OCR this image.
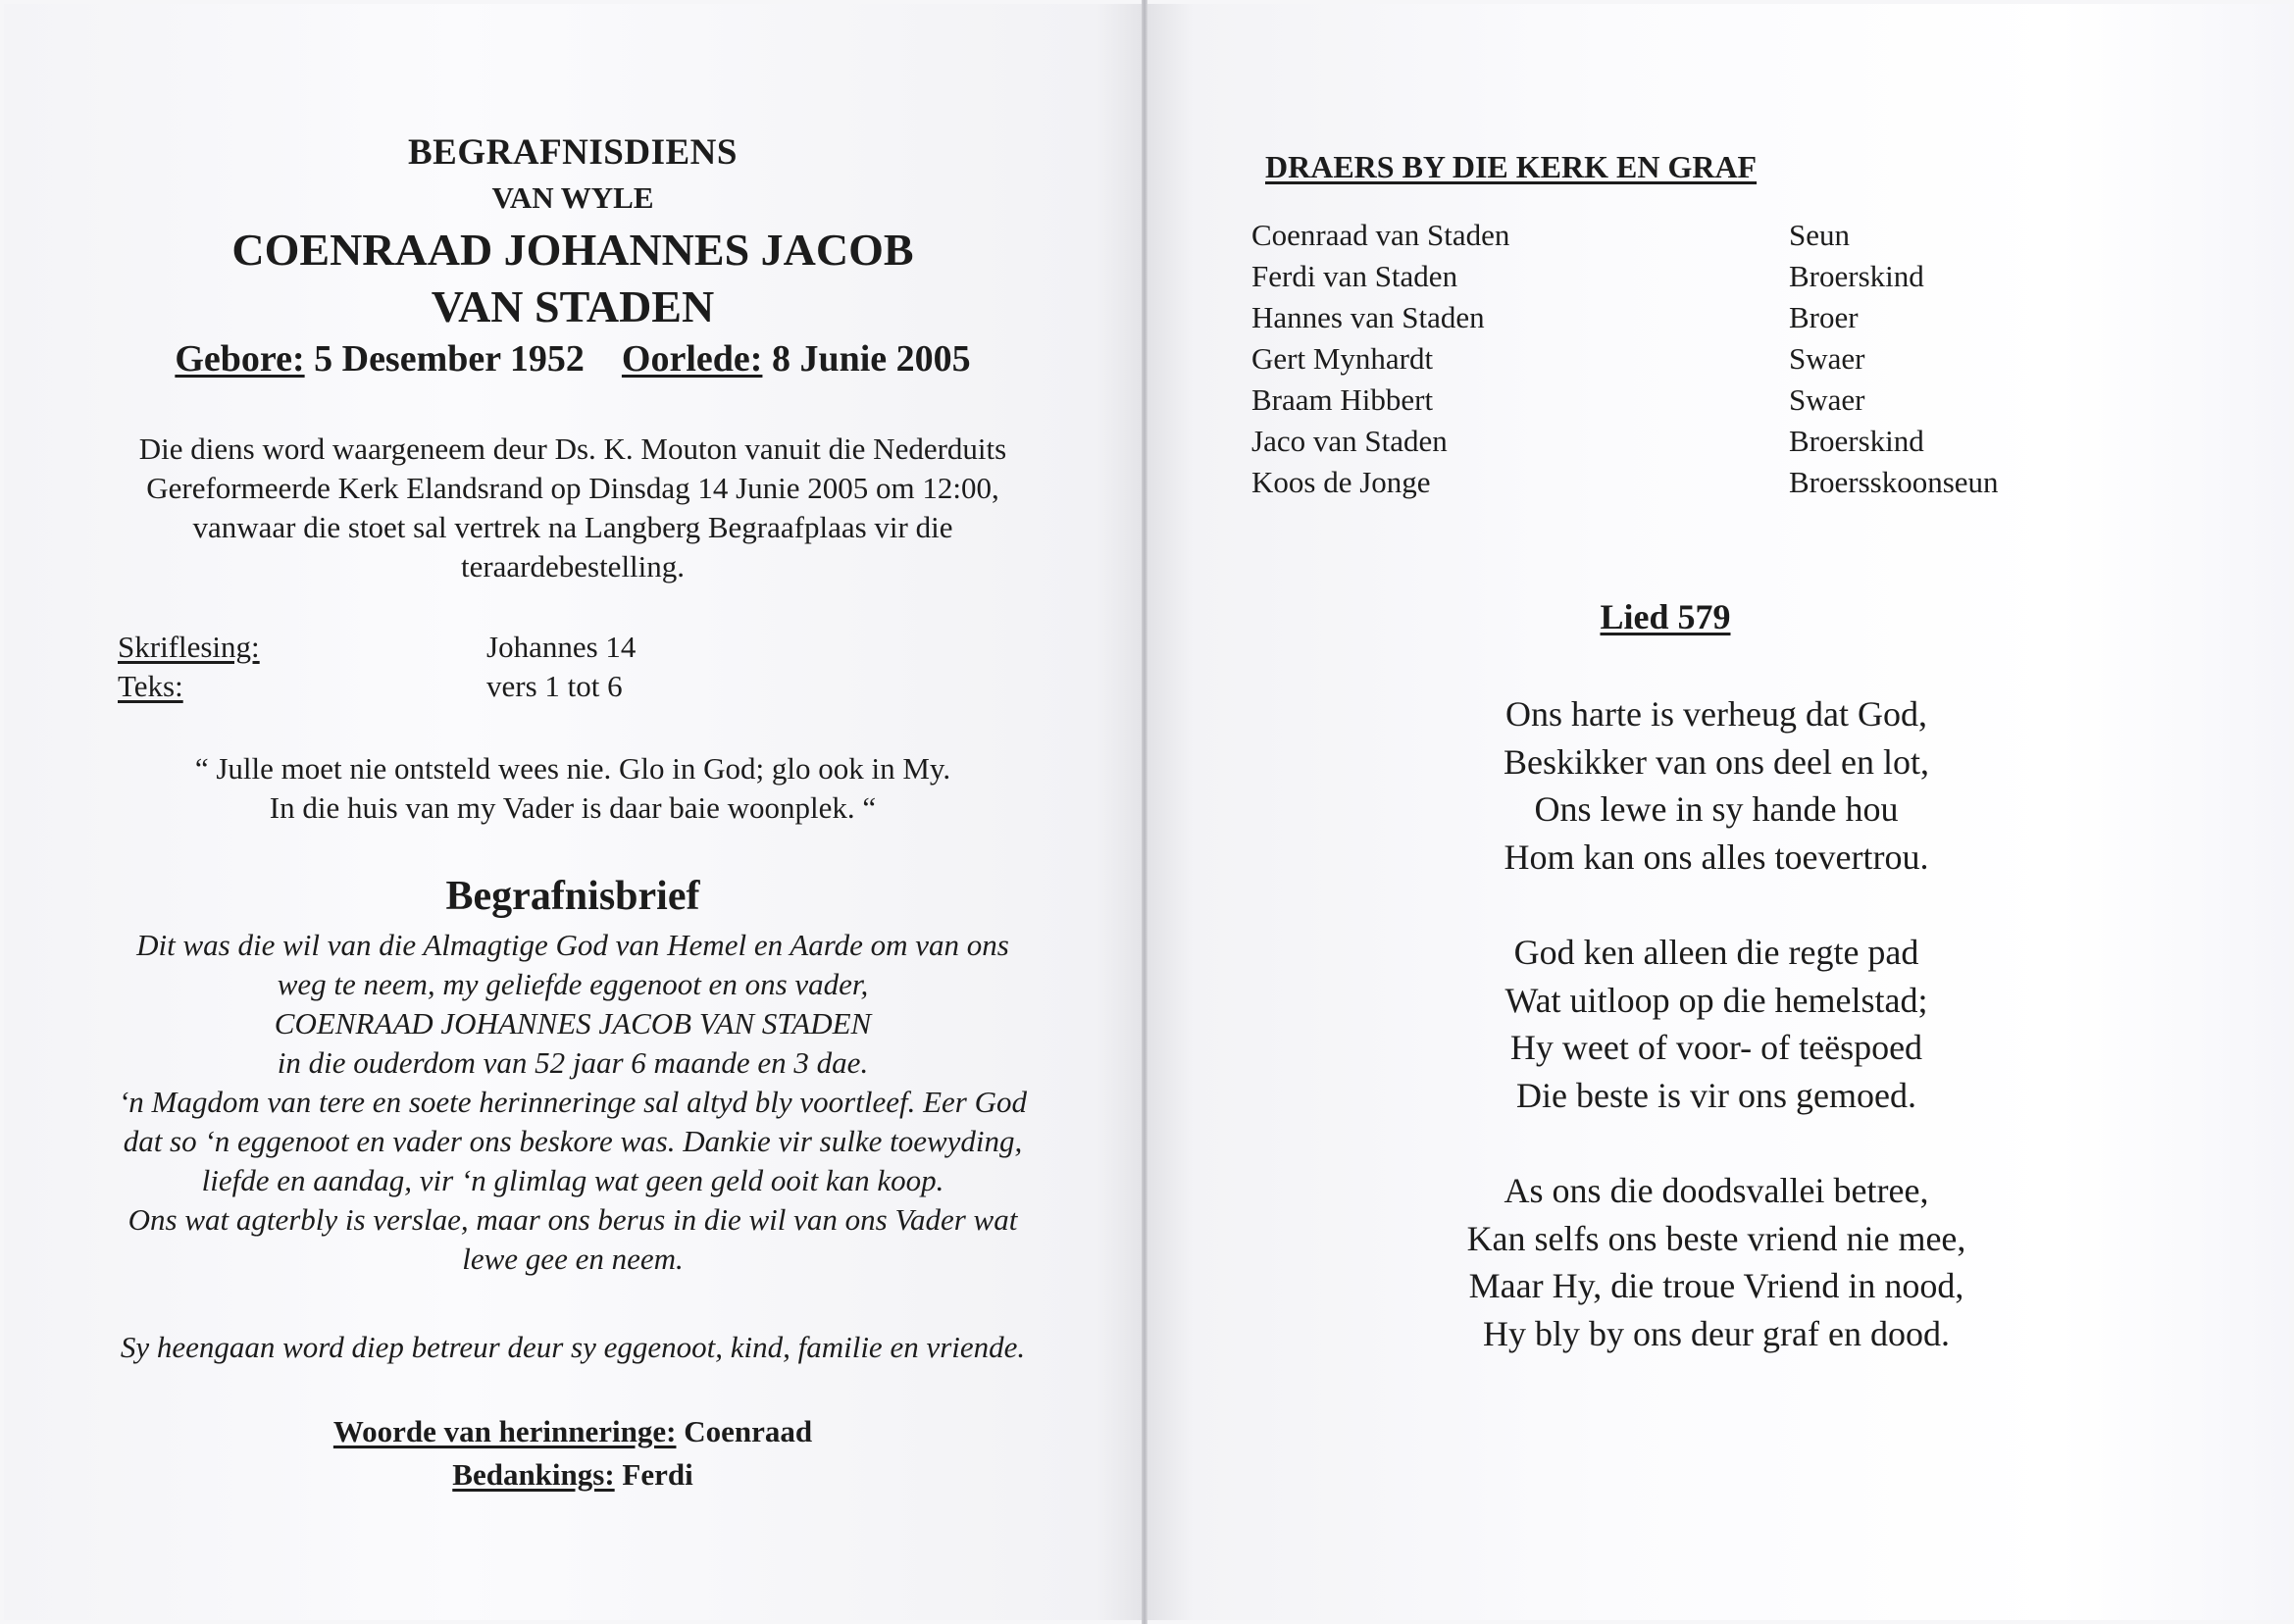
BEGRAFNISDIENS
VAN WYLE
COENRAAD JOHANNES JACOB
VAN STADEN
Gebore: 5 Desember 1952 Oorlede: 8 Junie 2005
Die diens word waargeneem deur Ds. K. Mouton vanuit die Nederduits
Gereformeerde Kerk Elandsrand op Dinsdag 14 Junie 2005 om 12:00,
vanwaar die stoet sal vertrek na Langberg Begraafplaas vir die
teraardebestelling.
Skriflesing:	Johannes 14
Teks:	vers 1 tot 6
“ Julle moet nie ontsteld wees nie. Glo in God; glo ook in My.
In die huis van my Vader is daar baie woonplek. “
Begrafnisbrief
Dit was die wil van die Almagtige God van Hemel en Aarde om van ons
weg te neem, my geliefde eggenoot en ons vader,
COENRAAD JOHANNES JACOB VAN STADEN
in die ouderdom van 52 jaar 6 maande en 3 dae.
‘n Magdom van tere en soete herinneringe sal altyd bly voortleef. Eer God
dat so ‘n eggenoot en vader ons beskore was. Dankie vir sulke toewyding,
liefde en aandag, vir ‘n glimlag wat geen geld ooit kan koop.
Ons wat agterbly is verslae, maar ons berus in die wil van ons Vader wat
lewe gee en neem.
Sy heengaan word diep betreur deur sy eggenoot, kind, familie en vriende.
Woorde van herinneringe: Coenraad
Bedankings: Ferdi
DRAERS BY DIE KERK EN GRAF
Coenraad van Staden	Seun
Ferdi van Staden	Broerskind
Hannes van Staden	Broer
Gert Mynhardt	Swaer
Braam Hibbert	Swaer
Jaco van Staden	Broerskind
Koos de Jonge	Broersskoonseun
Lied 579
Ons harte is verheug dat God,
Beskikker van ons deel en lot,
Ons lewe in sy hande hou
Hom kan ons alles toevertrou.
God ken alleen die regte pad
Wat uitloop op die hemelstad;
Hy weet of voor- of teëspoed
Die beste is vir ons gemoed.
As ons die doodsvallei betree,
Kan selfs ons beste vriend nie mee,
Maar Hy, die troue Vriend in nood,
Hy bly by ons deur graf en dood.
